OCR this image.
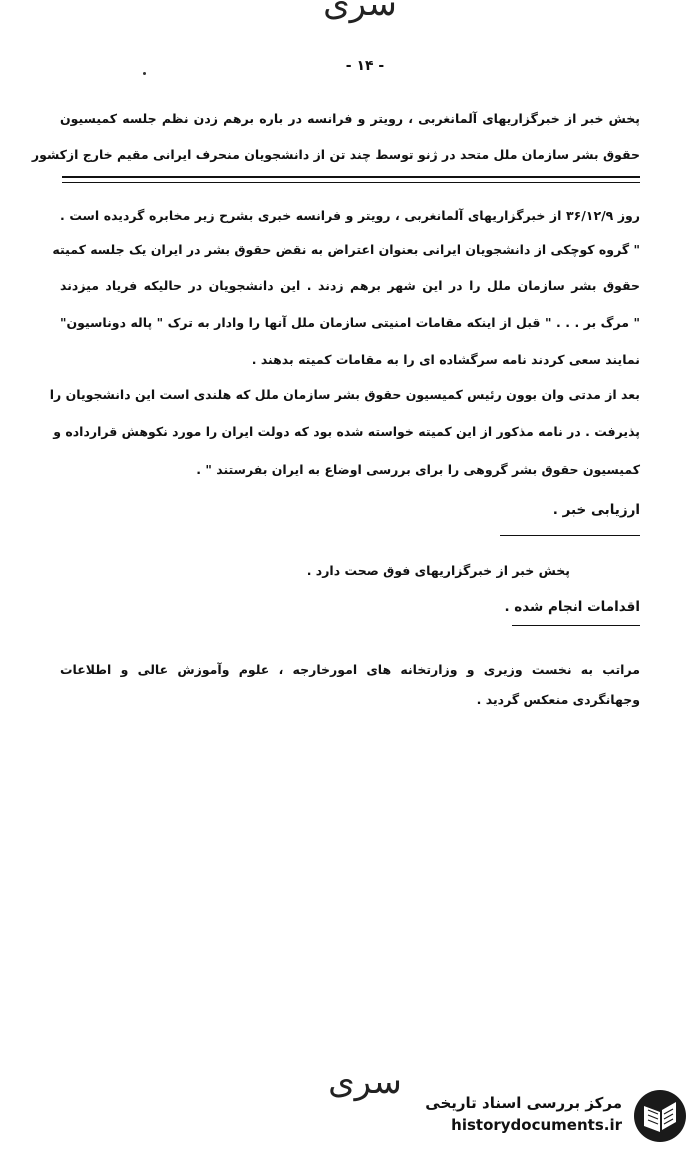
سری
- ۱۴ -
پخش خبر از خبرگزاریهای آلمانغربی ، رویتر و فرانسه در باره برهم زدن نظم جلسه کمیسیون
حقوق بشر سازمان ملل متحد در ژنو توسط چند تن از دانشجویان منحرف ایرانی مقیم خارج ازکشور
روز ۳۶/۱۲/۹ از خبرگزاریهای آلمانغربی ، رویتر و فرانسه خبری بشرح زیر مخابره گردیده است .
" گروه کوچکی از دانشجویان ایرانی بعنوان اعتراض به نقض حقوق بشر در ایران یک جلسه کمیته
حقوق بشر سازمان ملل را در این شهر برهم زدند . این دانشجویان در حالیکه فریاد میزدند
" مرگ بر . . . " قبل از اینکه مقامات امنیتی سازمان ملل آنها را وادار به ترک " پاله دوناسیون"
نمایند سعی کردند نامه سرگشاده ای را به مقامات کمیته بدهند .
بعد از مدتی وان بوون رئیس کمیسیون حقوق بشر سازمان ملل که هلندی است این دانشجویان را
پذیرفت . در نامه مذکور از این کمیته خواسته شده بود که دولت ایران را مورد نکوهش قرارداده و
کمیسیون حقوق بشر گروهی را برای بررسی اوضاع به ایران بفرستند " .
ارزیابی خبر .
پخش خبر از خبرگزاریهای فوق صحت دارد .
اقدامات انجام شده .
مراتب به نخست وزیری و وزارتخانه های امورخارجه ، علوم وآموزش عالی و اطلاعات
وجهانگردی منعکس گردید .
سری
مرکز بررسی اسناد تاریخی
historydocuments.ir
